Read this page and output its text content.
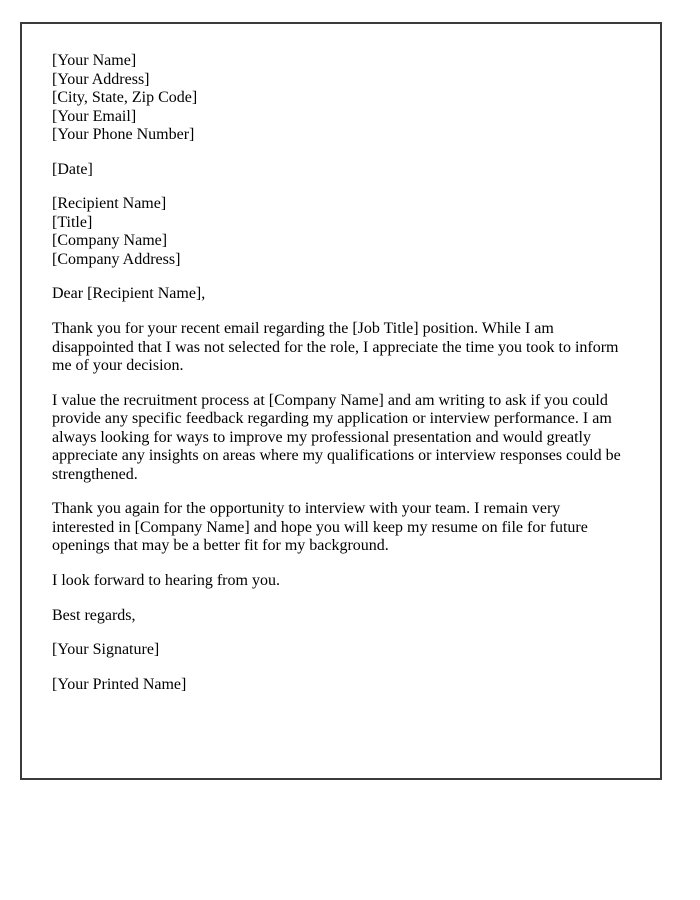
[Your Name]
[Your Address]
[City, State, Zip Code]
[Your Email]
[Your Phone Number]

[Date]

[Recipient Name]
[Title]
[Company Name]
[Company Address]

Dear [Recipient Name],

Thank you for your recent email regarding the [Job Title] position. While I am disappointed that I was not selected for the role, I appreciate the time you took to inform me of your decision.

I value the recruitment process at [Company Name] and am writing to ask if you could provide any specific feedback regarding my application or interview performance. I am always looking for ways to improve my professional presentation and would greatly appreciate any insights on areas where my qualifications or interview responses could be strengthened.

Thank you again for the opportunity to interview with your team. I remain very interested in [Company Name] and hope you will keep my resume on file for future openings that may be a better fit for my background.

I look forward to hearing from you.

Best regards,

[Your Signature]

[Your Printed Name]
